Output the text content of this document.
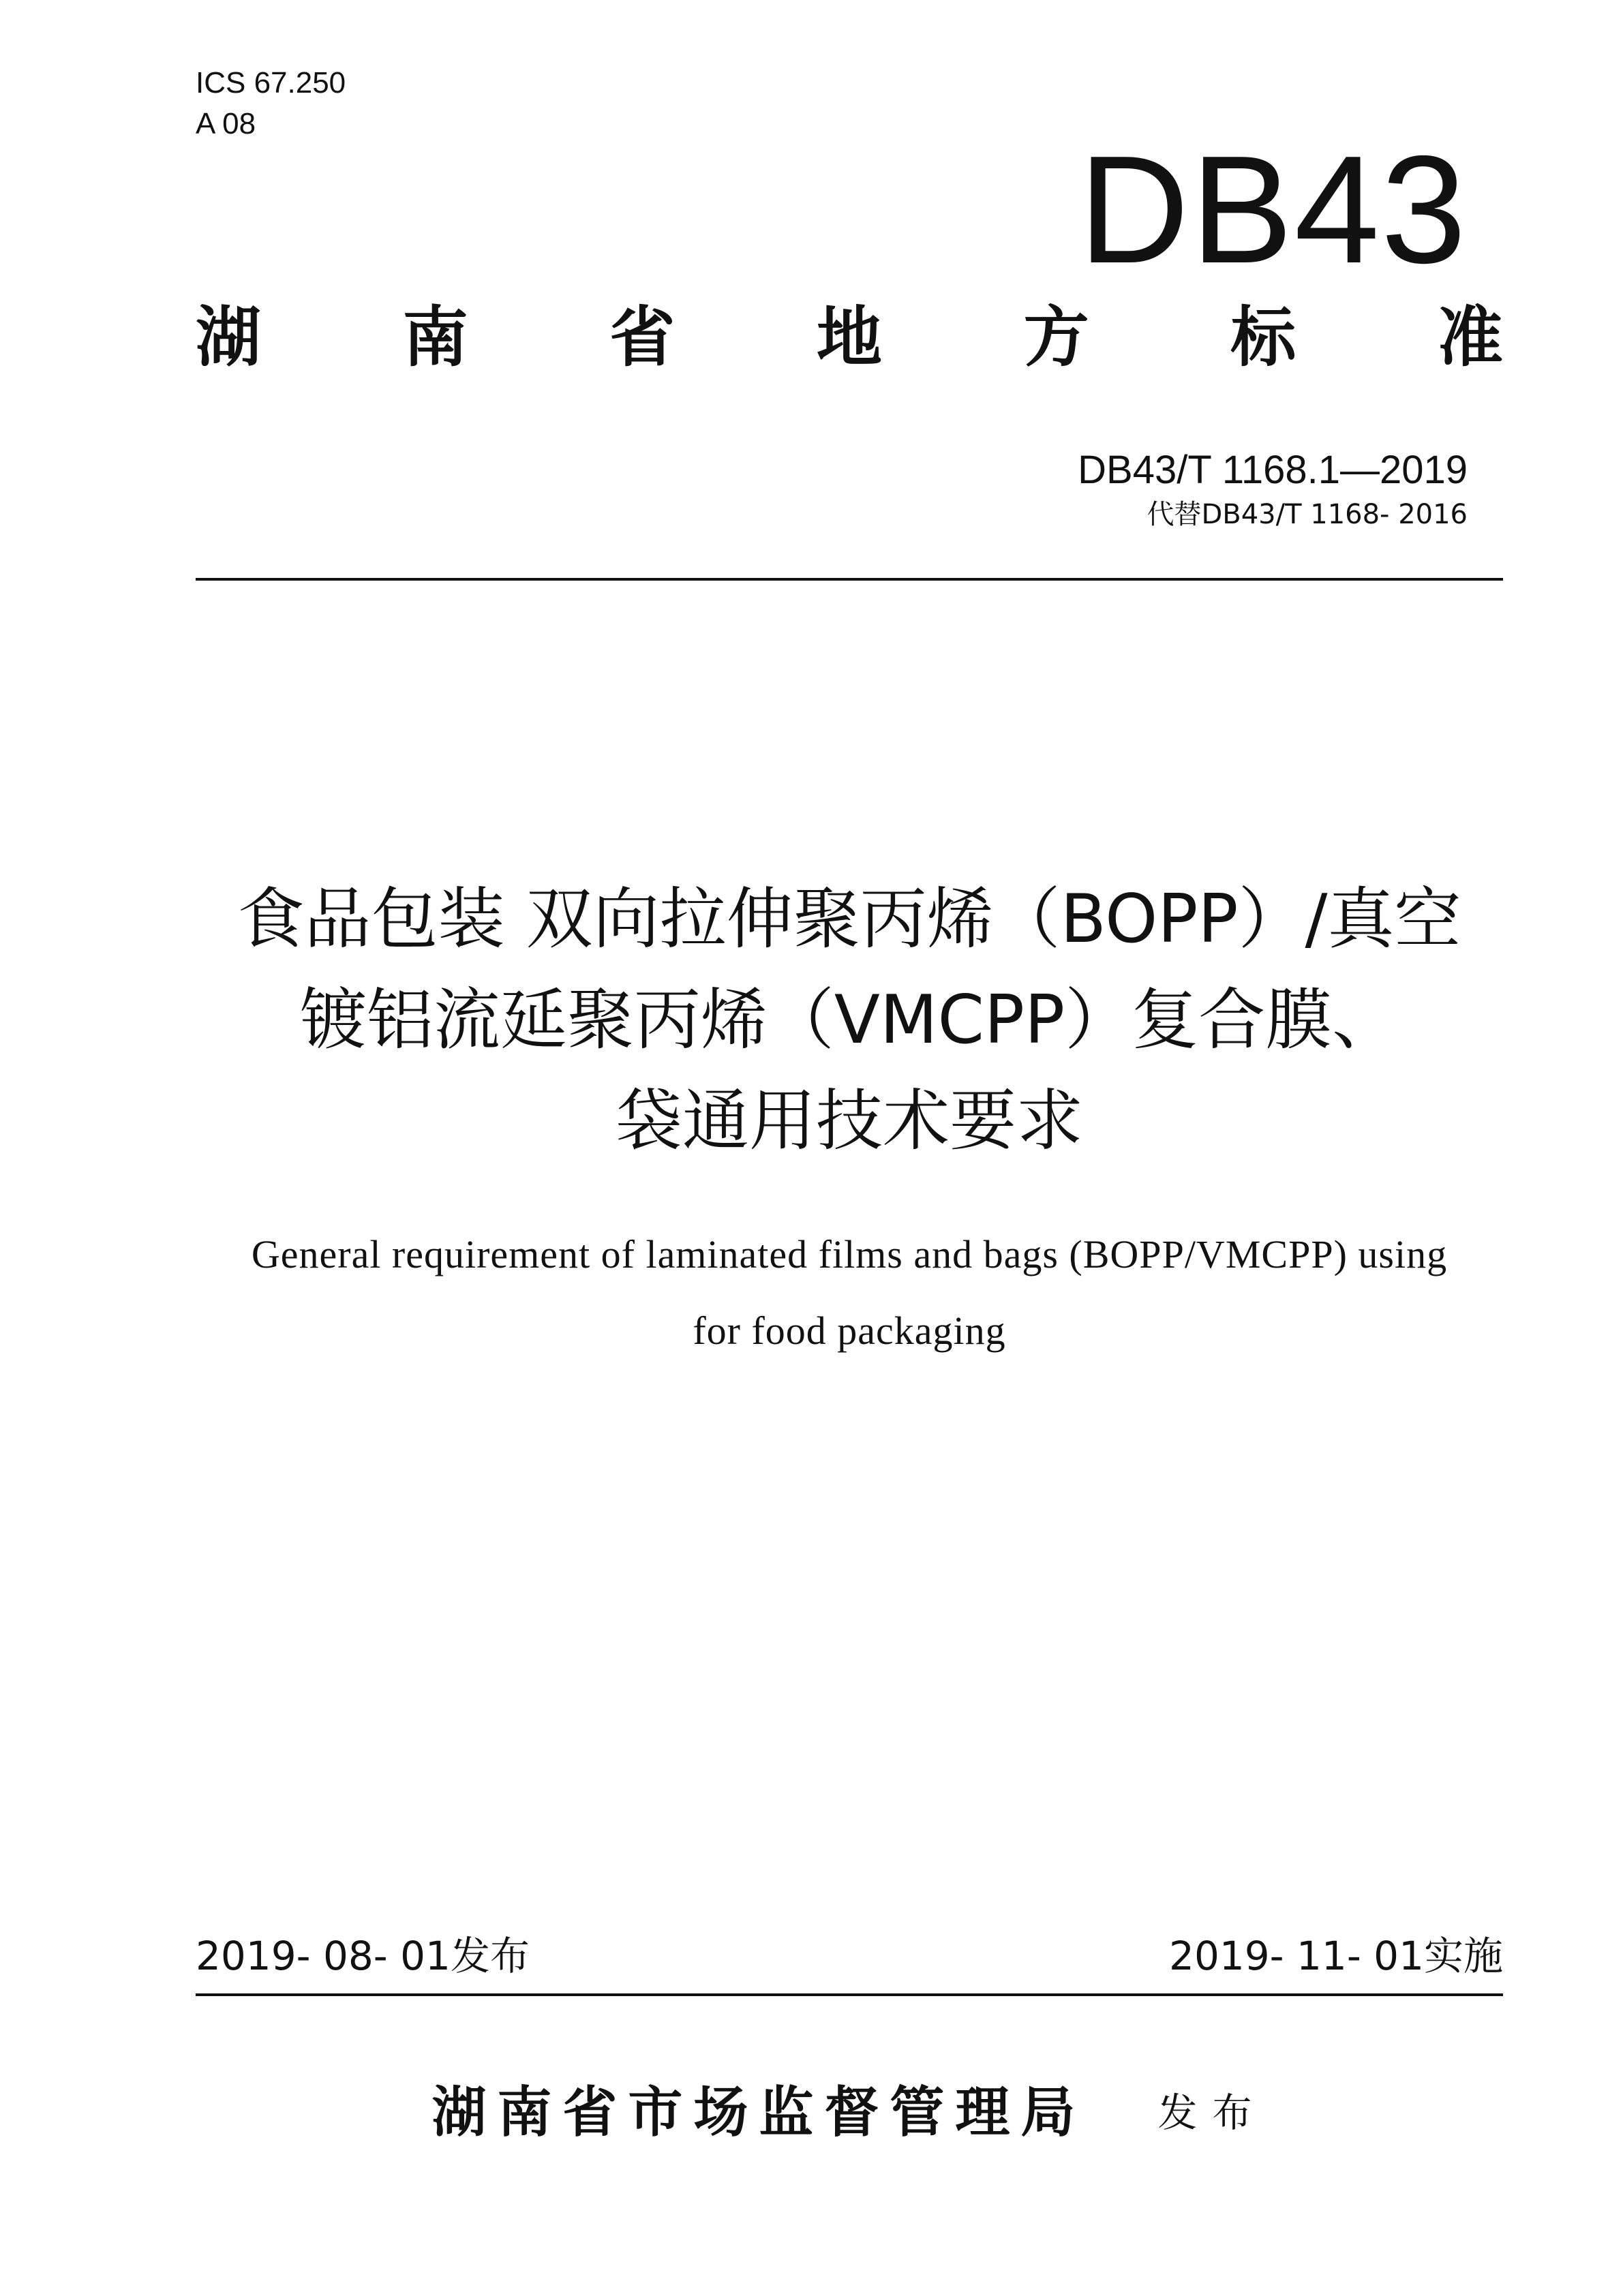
ICS 67.250
A 08	DB43
湖 南 省 地 方 标 准
DB43/T 1168.1—2019
代替DB43/T 1168- 2016
食品包装 双向拉伸聚丙烯（BOPP）/真空
镀铝流延聚丙烯（VMCPP）复合膜、
袋通用技术要求
General requirement of laminated films and bags (BOPP/VMCPP) using
for food packaging
2019- 08- 01发布	2019- 11- 01实施
湖南省市场监督管理局 发布
